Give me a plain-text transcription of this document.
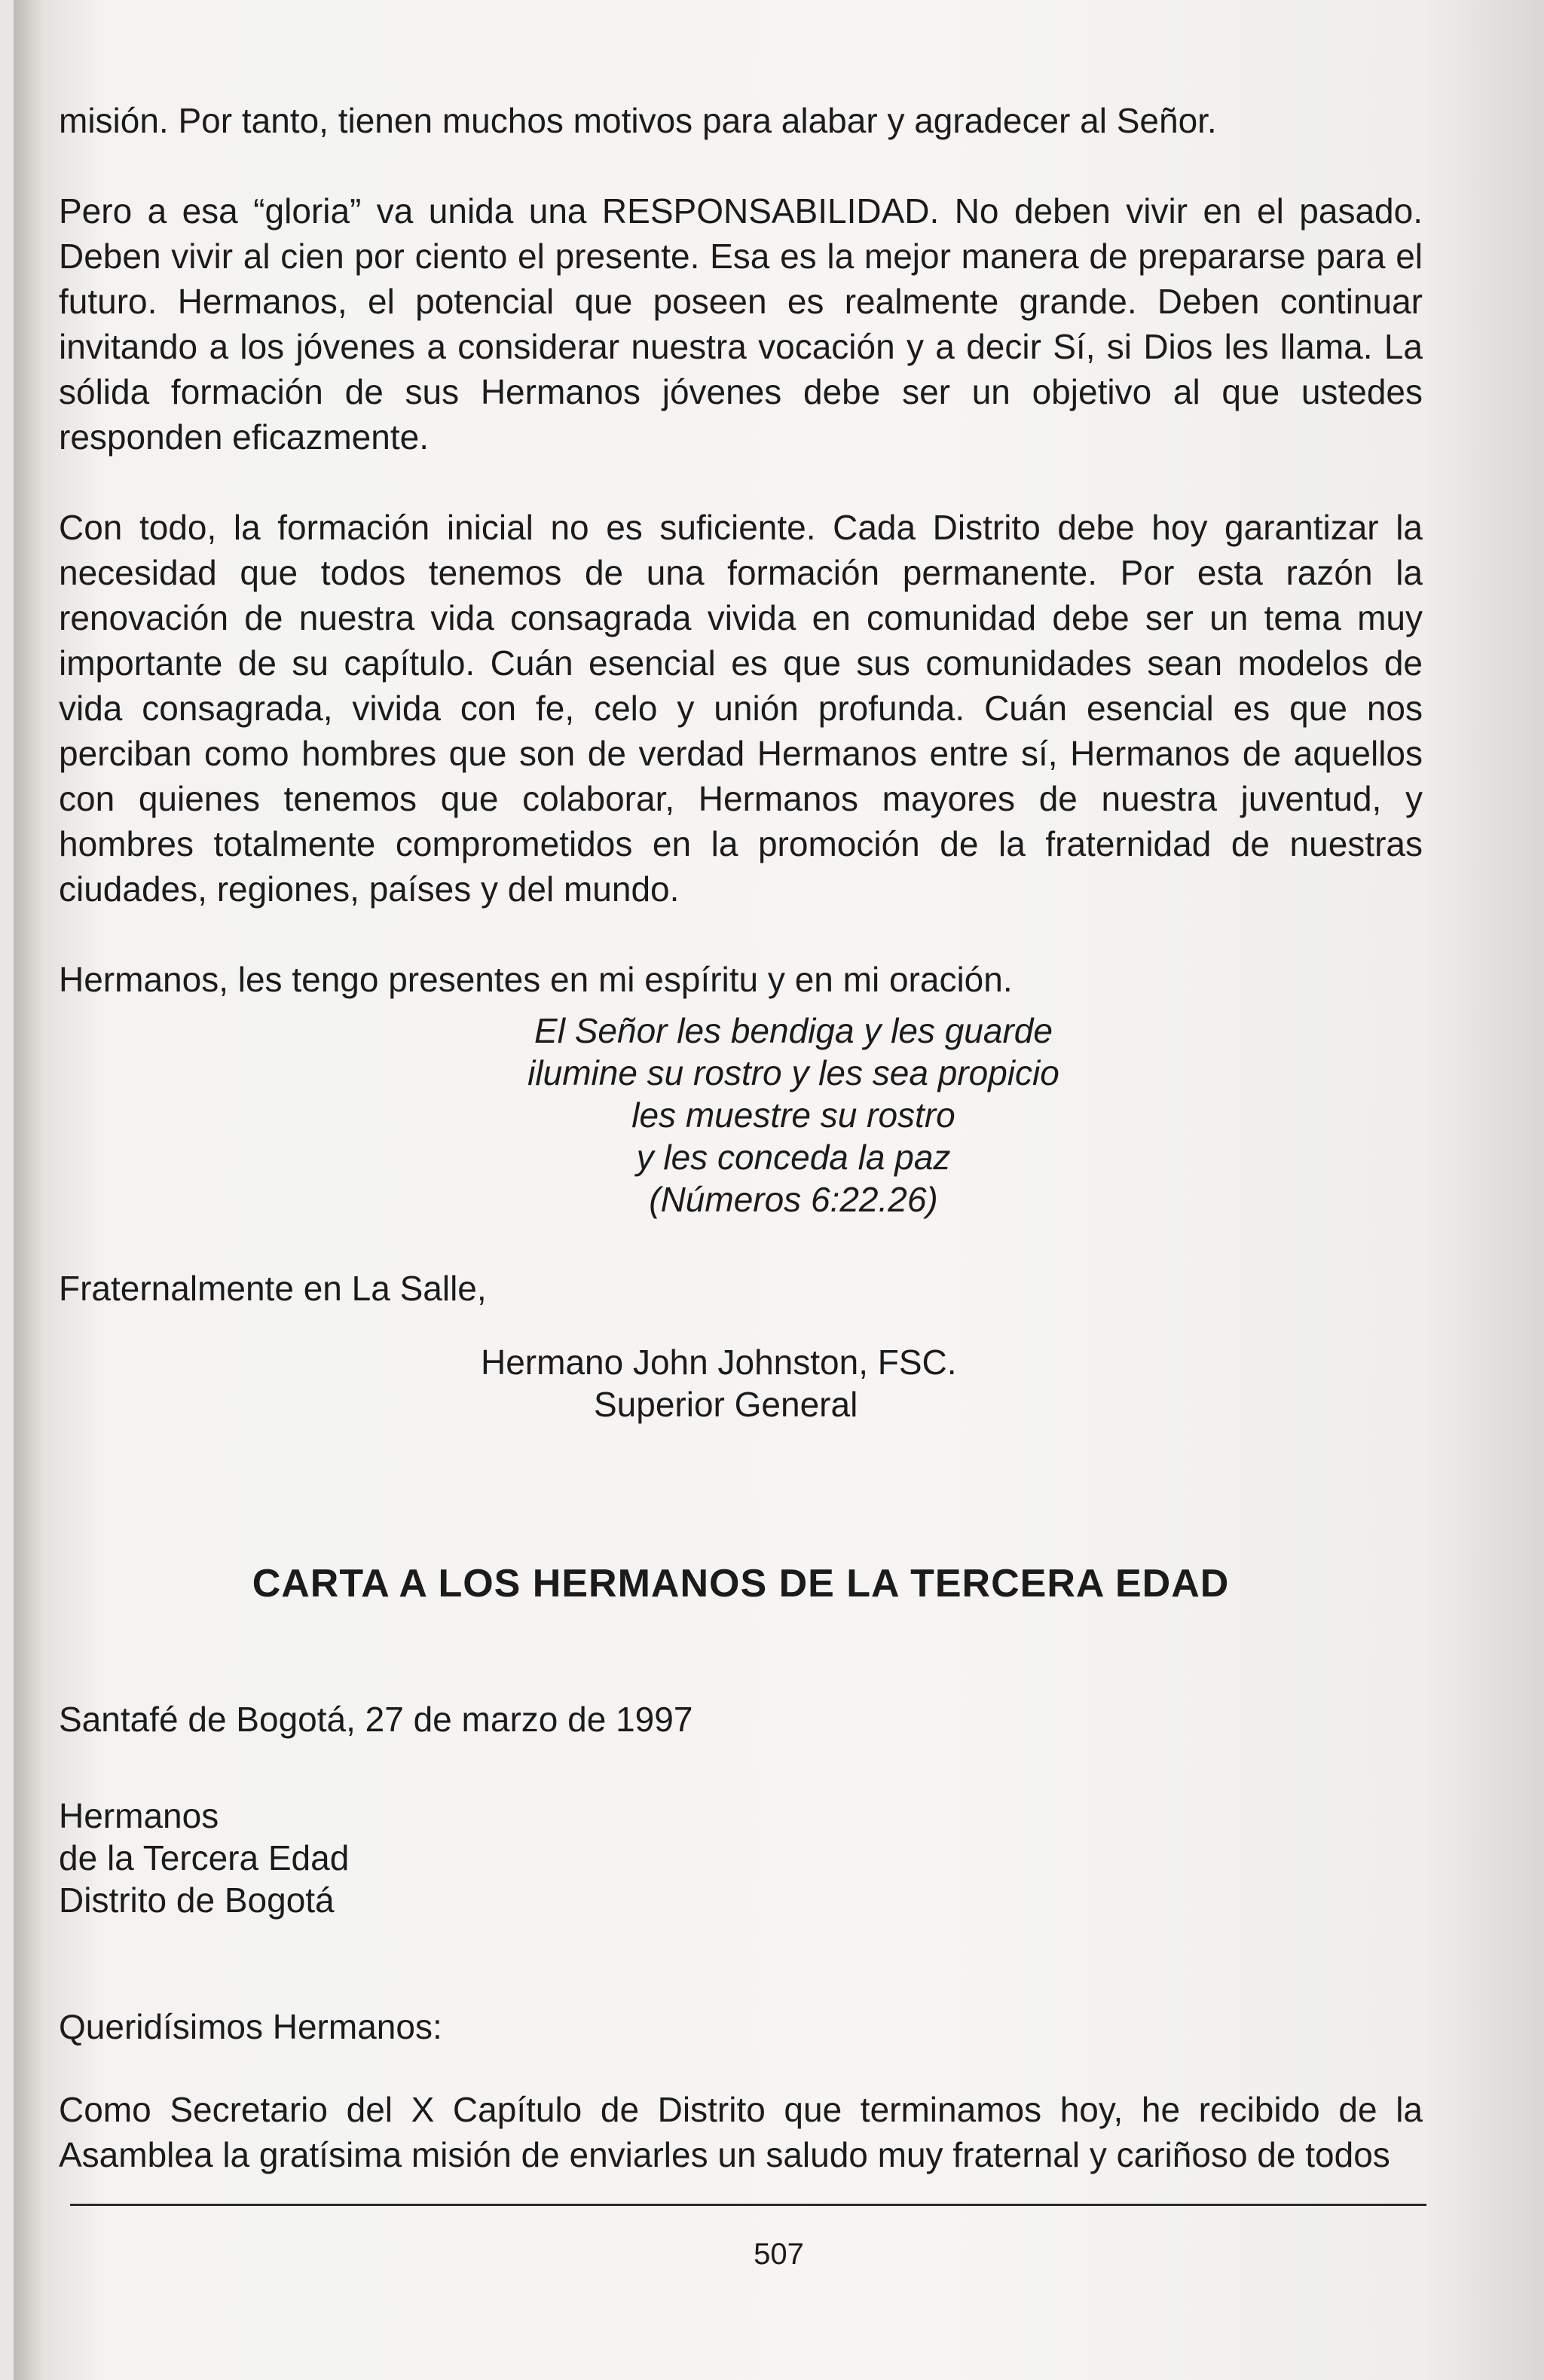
misión. Por tanto, tienen muchos motivos para alabar y agradecer al Señor.

Pero a esa “gloria” va unida una RESPONSABILIDAD. No deben vivir en el pasado. Deben vivir al cien por ciento el presente. Esa es la mejor manera de prepararse para el futuro. Hermanos, el potencial que poseen es realmente grande. Deben continuar invitando a los jóvenes a considerar nuestra vocación y a decir Sí, si Dios les llama. La sólida formación de sus Hermanos jóvenes debe ser un objetivo al que ustedes responden eficazmente.

Con todo, la formación inicial no es suficiente. Cada Distrito debe hoy garantizar la necesidad que todos tenemos de una formación permanente. Por esta razón la renovación de nuestra vida consagrada vivida en comunidad debe ser un tema muy importante de su capítulo. Cuán esencial es que sus comunidades sean modelos de vida consagrada, vivida con fe, celo y unión profunda. Cuán esencial es que nos perciban como hombres que son de verdad Hermanos entre sí, Hermanos de aquellos con quienes tenemos que colaborar, Hermanos mayores de nuestra juventud, y hombres totalmente comprometidos en la promoción de la fraternidad de nuestras ciudades, regiones, países y del mundo.

Hermanos, les tengo presentes en mi espíritu y en mi oración.

El Señor les bendiga y les guarde

ilumine su rostro y les sea propicio

les muestre su rostro

y les conceda la paz

(Números 6:22.26)

Fraternalmente en La Salle,

Hermano John Johnston, FSC.
Superior General
CARTA A LOS HERMANOS DE LA TERCERA EDAD

Santafé de Bogotá, 27 de marzo de 1997

Hermanos
de la Tercera Edad
Distrito de Bogotá

Queridísimos Hermanos:

Como Secretario del X Capítulo de Distrito que terminamos hoy, he recibido de la Asamblea la gratísima misión de enviarles un saludo muy fraternal y cariñoso de todos

507
